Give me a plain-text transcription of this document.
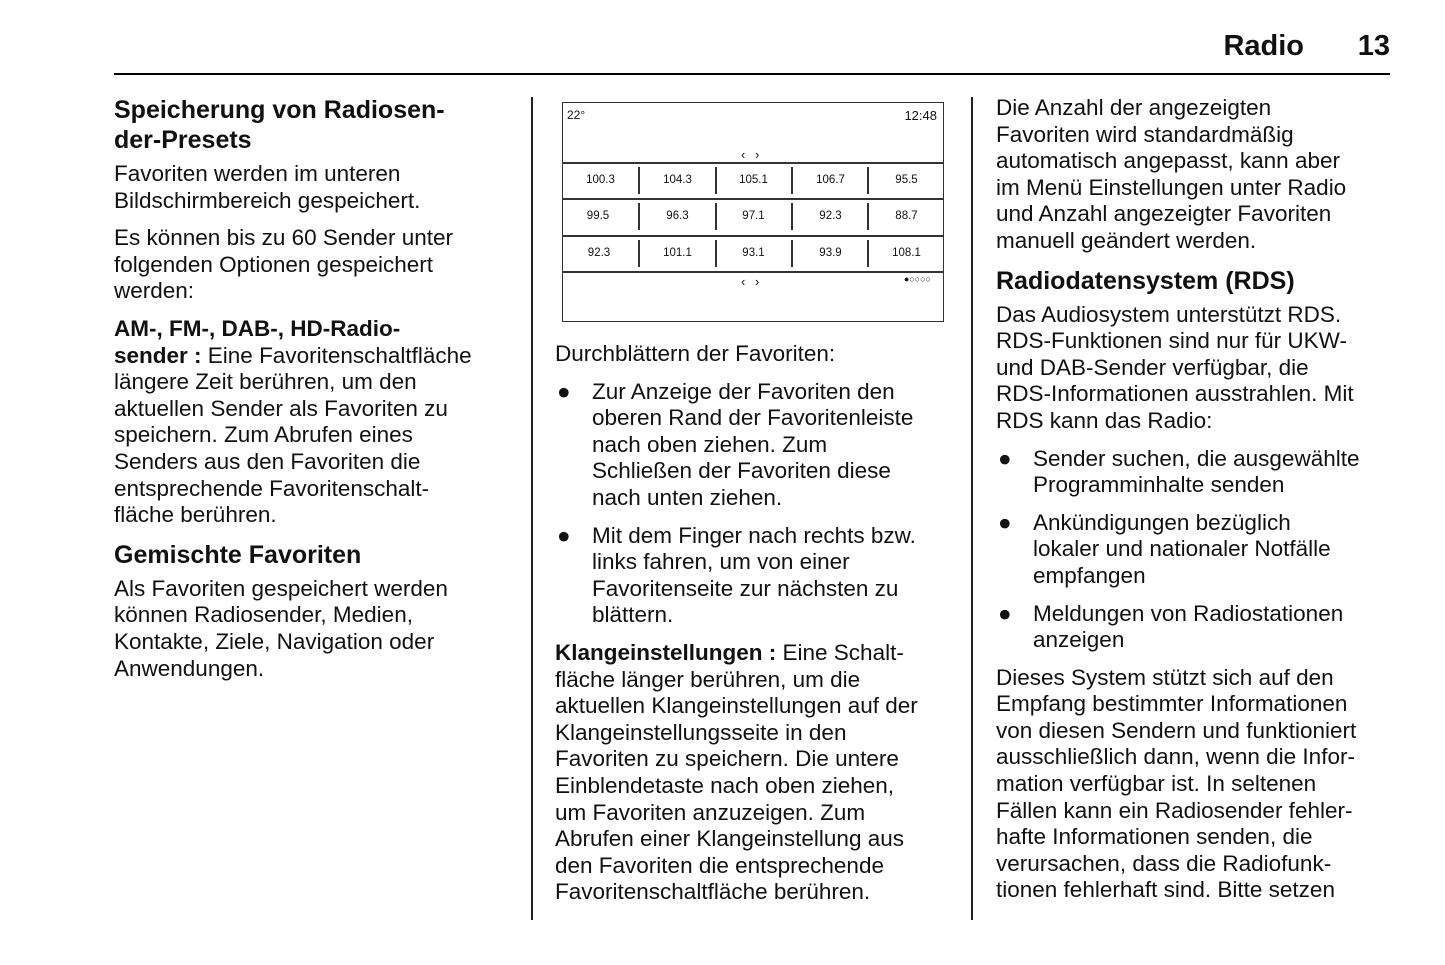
Radio 13
Speicherung von Radiosen-
der-Presets

Favoriten werden im unteren
Bildschirmbereich gespeichert.

Es können bis zu 60 Sender unter
folgenden Optionen gespeichert
werden:

AM-, FM-, DAB-, HD-Radio-
sender : Eine Favoritenschaltfläche
längere Zeit berühren, um den
aktuellen Sender als Favoriten zu
speichern. Zum Abrufen eines
Senders aus den Favoriten die
entsprechende Favoritenschalt-
fläche berühren.

Gemischte Favoriten

Als Favoriten gespeichert werden
können Radiosender, Medien,
Kontakte, Ziele, Navigation oder
Anwendungen.

22°	12:48
‹ ›
100.3	104.3	105.1	106.7	95.5
99.5	96.3	97.1	92.3	88.7
92.3	101.1	93.1	93.9	108.1
‹ ›	●○○○○

Durchblättern der Favoriten:

● Zur Anzeige der Favoriten den
oberen Rand der Favoritenleiste
nach oben ziehen. Zum
Schließen der Favoriten diese
nach unten ziehen.
● Mit dem Finger nach rechts bzw.
links fahren, um von einer
Favoritenseite zur nächsten zu
blättern.

Klangeinstellungen : Eine Schalt-
fläche länger berühren, um die
aktuellen Klangeinstellungen auf der
Klangeinstellungsseite in den
Favoriten zu speichern. Die untere
Einblendetaste nach oben ziehen,
um Favoriten anzuzeigen. Zum
Abrufen einer Klangeinstellung aus
den Favoriten die entsprechende
Favoritenschaltfläche berühren.

Die Anzahl der angezeigten
Favoriten wird standardmäßig
automatisch angepasst, kann aber
im Menü Einstellungen unter Radio
und Anzahl angezeigter Favoriten
manuell geändert werden.

Radiodatensystem (RDS)

Das Audiosystem unterstützt RDS.
RDS-Funktionen sind nur für UKW-
und DAB-Sender verfügbar, die
RDS-Informationen ausstrahlen. Mit
RDS kann das Radio:

● Sender suchen, die ausgewählte
Programminhalte senden
● Ankündigungen bezüglich
lokaler und nationaler Notfälle
empfangen
● Meldungen von Radiostationen
anzeigen

Dieses System stützt sich auf den
Empfang bestimmter Informationen
von diesen Sendern und funktioniert
ausschließlich dann, wenn die Infor-
mation verfügbar ist. In seltenen
Fällen kann ein Radiosender fehler-
hafte Informationen senden, die
verursachen, dass die Radiofunk-
tionen fehlerhaft sind. Bitte setzen
